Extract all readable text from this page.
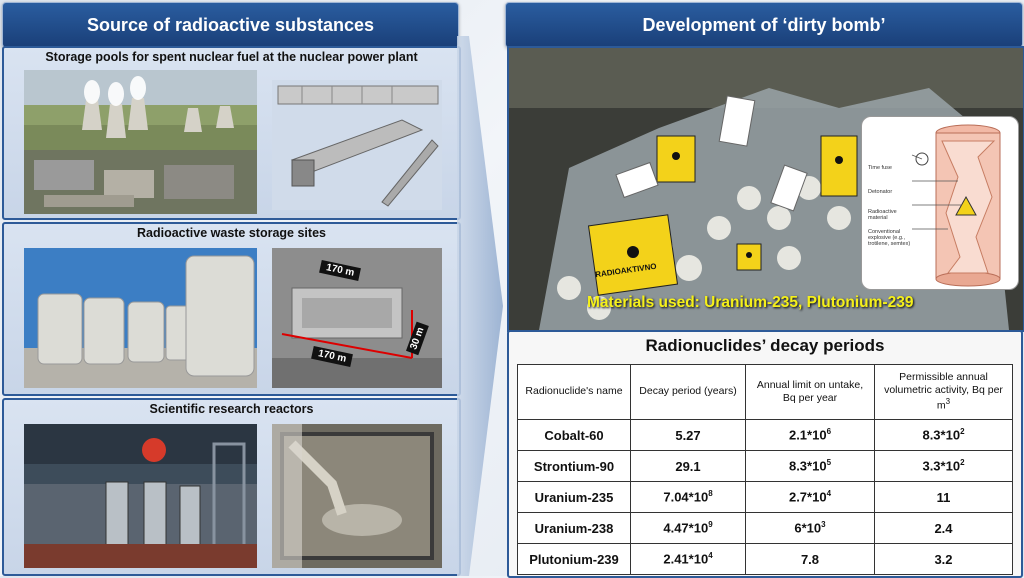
Source of radioactive substances
Storage pools for spent nuclear fuel at the nuclear power plant
Radioactive waste storage sites
170 m
170 m
30 m
Scientific research reactors
Development of ‘dirty bomb’
RADIOAKTIVNO
Time fuse
Detonator
Radioactive material
Conventional explosive (e.g., trotilene, semtex)
Materials used: Uranium-235, Plutonium-239
Radionuclides’ decay periods
Radionuclide's name	Decay period (years)	Annual limit on untake, Bq per year	Permissible annual volumetric activity, Bq per $m^3$
Cobalt-60	5.27	$2.1*10^6$	$8.3*10^2$
Strontium-90	29.1	$8.3*10^5$	$3.3*10^2$
Uranium-235	$7.04*10^8$	$2.7*10^4$	11
Uranium-238	$4.47*10^9$	$6*10^3$	2.4
Plutonium-239	$2.41*10^4$	7.8	3.2
